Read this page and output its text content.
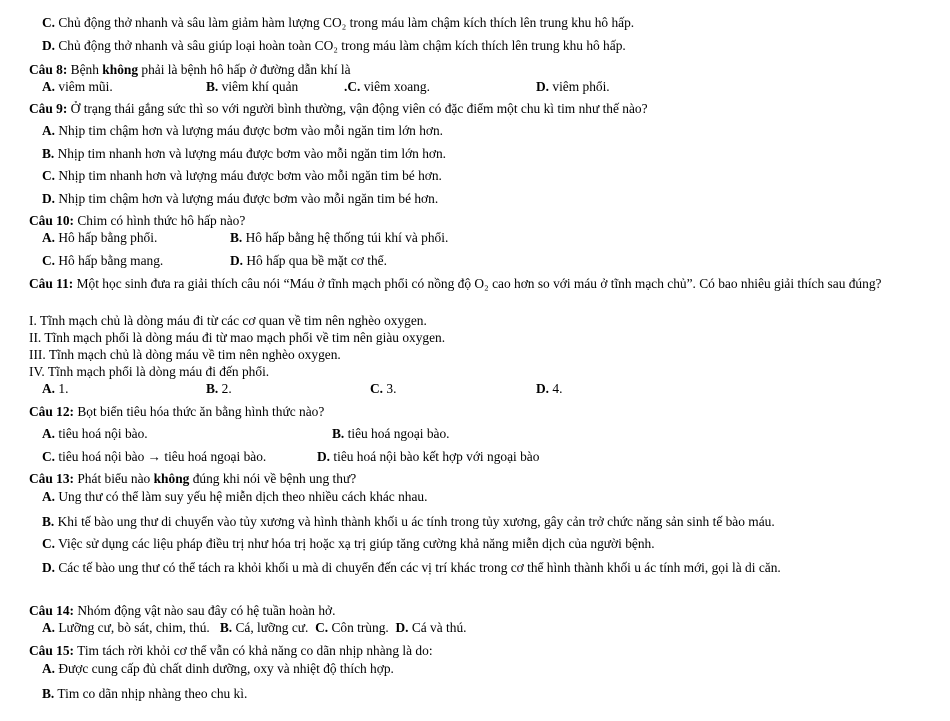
C. Chủ động thở nhanh và sâu làm giảm hàm lượng CO₂ trong máu làm chậm kích thích lên trung khu hô hấp.
D. Chủ động thở nhanh và sâu giúp loại hoàn toàn CO₂ trong máu làm chậm kích thích lên trung khu hô hấp.
Câu 8: Bệnh không phải là bệnh hô hấp ở đường dẫn khí là
A. viêm mũi.	B. viêm khí quản	.C. viêm xoang.	D. viêm phổi.
Câu 9: Ở trạng thái gắng sức thì so với người bình thường, vận động viên có đặc điểm một chu kì tim như thế nào?
A. Nhịp tim chậm hơn và lượng máu được bơm vào mỗi ngăn tim lớn hơn.
B. Nhịp tim nhanh hơn và lượng máu được bơm vào mỗi ngăn tim lớn hơn.
C. Nhịp tim nhanh hơn và lượng máu được bơm vào mỗi ngăn tim bé hơn.
D. Nhịp tim chậm hơn và lượng máu được bơm vào mỗi ngăn tim bé hơn.
Câu 10: Chim có hình thức hô hấp nào?
A. Hô hấp bằng phổi.	B. Hô hấp bằng hệ thống túi khí và phổi.
C. Hô hấp bằng mang.	D. Hô hấp qua bề mặt cơ thể.
Câu 11: Một học sinh đưa ra giải thích câu nói “Máu ở tĩnh mạch phổi có nồng độ O₂ cao hơn so với máu ở tĩnh mạch chủ”. Có bao nhiêu giải thích sau đúng?
I. Tĩnh mạch chủ là dòng máu đi từ các cơ quan về tim nên nghèo oxygen.
II. Tĩnh mạch phổi là dòng máu đi từ mao mạch phổi về tim nên giàu oxygen.
III. Tĩnh mạch chủ là dòng máu về tim nên nghèo oxygen.
IV. Tĩnh mạch phổi là dòng máu đi đến phổi.
A. 1.	B. 2.	C. 3.	D. 4.
Câu 12: Bọt biển tiêu hóa thức ăn bằng hình thức nào?
A. tiêu hoá nội bào.	B. tiêu hoá ngoại bào.
C. tiêu hoá nội bào → tiêu hoá ngoại bào.	D. tiêu hoá nội bào kết hợp với ngoại bào
Câu 13: Phát biểu nào không đúng khi nói về bệnh ung thư?
A. Ung thư có thể làm suy yếu hệ miễn dịch theo nhiều cách khác nhau.
B. Khi tế bào ung thư di chuyển vào tủy xương và hình thành khối u ác tính trong tủy xương, gây cản trở chức năng sản sinh tế bào máu.
C. Việc sử dụng các liệu pháp điều trị như hóa trị hoặc xạ trị giúp tăng cường khả năng miễn dịch của người bệnh.
D. Các tế bào ung thư có thể tách ra khỏi khối u mà di chuyển đến các vị trí khác trong cơ thể hình thành khối u ác tính mới, gọi là di căn.
Câu 14: Nhóm động vật nào sau đây có hệ tuần hoàn hở.
A. Lưỡng cư, bò sát, chim, thú. B. Cá, lưỡng cư. C. Côn trùng. D. Cá và thú.
Câu 15: Tim tách rời khỏi cơ thể vẫn có khả năng co dãn nhịp nhàng là do:
A. Được cung cấp đủ chất dinh dưỡng, oxy và nhiệt độ thích hợp.
B. Tim co dãn nhịp nhàng theo chu kì.
